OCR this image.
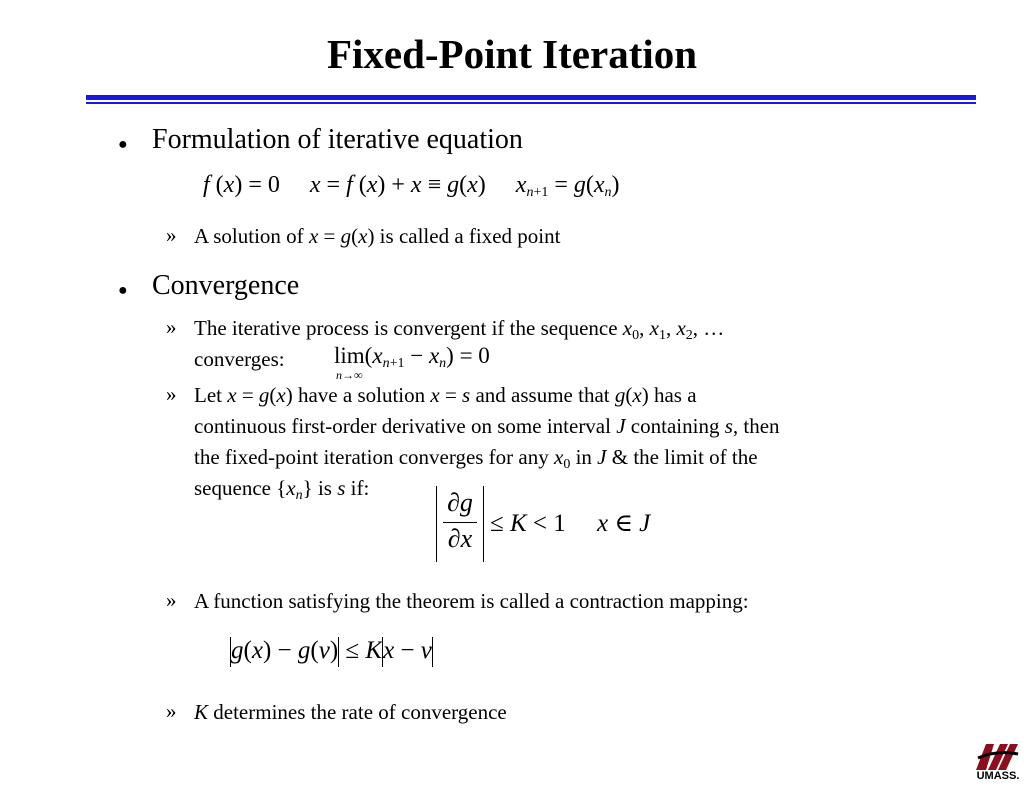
Fixed-Point Iteration
● Formulation of iterative equation
f (x) = 0     x = f (x) + x ≡ g(x)     $x_{n+1} = g(x_n)$
» A solution of x = g(x) is called a fixed point
● Convergence
» The iterative process is convergent if the sequence $x_0$, $x_1$, $x_2$, …
converges:	lim
n→∞
$(x_{n+1} - x_n) = 0$
» Let x = g(x) have a solution x = s and assume that g(x) has a
continuous first-order derivative on some interval J containing s, then
the fixed-point iteration converges for any $x_0$ in J & the limit of the
sequence $\{x_n\}$ is s if:	∂g
∂x
≤ K < 1     x ∈ J
» A function satisfying the theorem is called a contraction mapping:
g(x) − g(v) ≤ Kx − v
» K determines the rate of convergence
UMASS.
